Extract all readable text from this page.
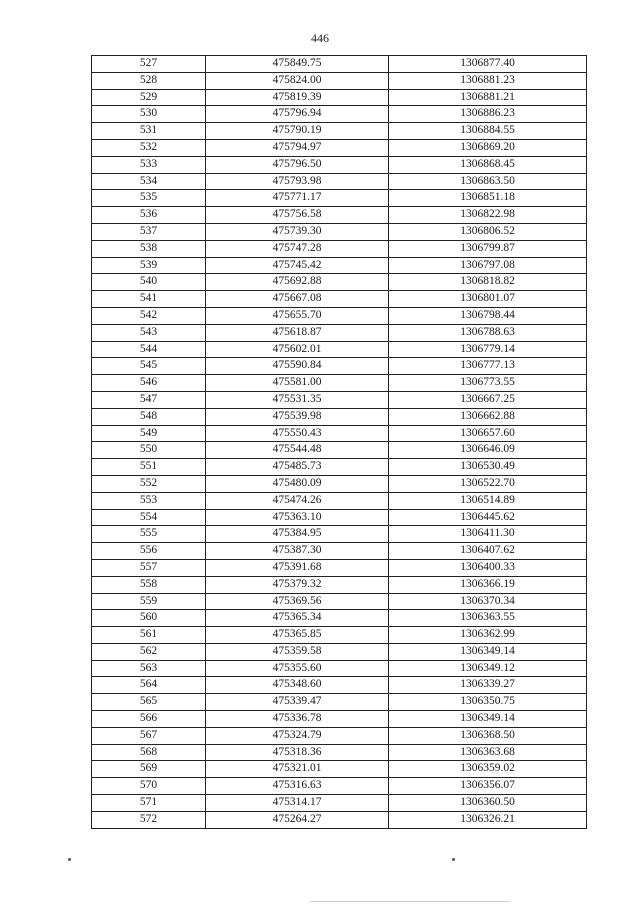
446
527	475849.75	1306877.40
528	475824.00	1306881.23
529	475819.39	1306881.21
530	475796.94	1306886.23
531	475790.19	1306884.55
532	475794.97	1306869.20
533	475796.50	1306868.45
534	475793.98	1306863.50
535	475771.17	1306851.18
536	475756.58	1306822.98
537	475739.30	1306806.52
538	475747.28	1306799.87
539	475745.42	1306797.08
540	475692.88	1306818.82
541	475667.08	1306801.07
542	475655.70	1306798.44
543	475618.87	1306788.63
544	475602.01	1306779.14
545	475590.84	1306777.13
546	475581.00	1306773.55
547	475531.35	1306667.25
548	475539.98	1306662.88
549	475550.43	1306657.60
550	475544.48	1306646.09
551	475485.73	1306530.49
552	475480.09	1306522.70
553	475474.26	1306514.89
554	475363.10	1306445.62
555	475384.95	1306411.30
556	475387.30	1306407.62
557	475391.68	1306400.33
558	475379.32	1306366.19
559	475369.56	1306370.34
560	475365.34	1306363.55
561	475365.85	1306362.99
562	475359.58	1306349.14
563	475355.60	1306349.12
564	475348.60	1306339.27
565	475339.47	1306350.75
566	475336.78	1306349.14
567	475324.79	1306368.50
568	475318.36	1306363.68
569	475321.01	1306359.02
570	475316.63	1306356.07
571	475314.17	1306360.50
572	475264.27	1306326.21
